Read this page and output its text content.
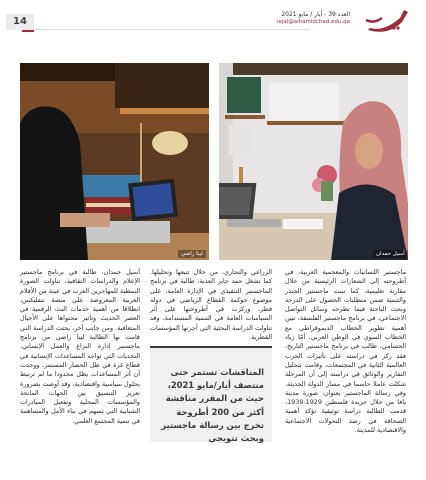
14
العدد 39 - أيار / مايو 2021
rejal@alhamidchad.edu.qa
لينا راضي	أسيل حمدان

ماجستير اللسانيات والمعجمية العربية، في أطروحته إلى الشعارات الرئيسية من خلال مقاربة تعليمية، كما تبنت ماجستير الجندر والتنمية ضمن متطلبات الحصول على الدرجة وبحث الباحثة فيما تطرحه وسائل التواصل الاجتماعي، في برنامج ماجستير الفلسفة، تبين أهمية تطوير الخطاب الديموقراطي مع الخطاب السوي في الوطن العربي. أمّا زياد الحسامي، طالب في برنامج ماجستير التاريخ، فقد ركز في دراسته على تأثيرات الحرب العالمية الثانية في المجتمعات، وقامت بتحليل التقارير والوثائق في دراسته إلى أن المرحلة شكلت عاملا حاسما في مسار الدولة الحديثة. وفي رسالة الماجستير بعنوان: صورة مدينة يافا من خلال جريدة فلسطين 1929-1939، قدمت الطالبة دراسة توثيقية تؤكد أهمية الصحافة في رصد التحولات الاجتماعية والاقتصادية للمدينة.

الزراعي والتجاري، من خلال تتبعها وتحليلها. كما تشغل حمد جابر العذبة، طالبة في برنامج الماجستير التنفيذي في الإدارة العامة، على موضوع حوكمة القطاع الرياضي في دولة قطر، وركزت في أطروحتها على أثر السياسات العامة في التنمية المستدامة، وقد تناولت الدراسة البحثية التي أجرتها المؤسسات القطرية.

أسيل حمدان، طالبة في برنامج ماجستير الإعلام والدراسات الثقافية، تناولت الصورة النمطية للمهاجرين العرب في عينة من الأفلام الغربية المعروضة على منصة نتفليكس، انطلاقا من أهمية خدمات البث الرقمية في العصر الحديث وتأثير محتواها على الأجيال المتعاقبة. ومن جانب آخر، بحثت الدراسة التي قامت بها الطالبة لينا راضي من برنامج ماجستير إدارة النزاع والعمل الإنساني، التحديات التي تواجه المساعدات الإنسانية في قطاع غزة في ظل الحصار المستمر، ووجدت أن أثر المساعدات يظل محدودا ما لم ترتبط بحلول سياسية واقتصادية، وقد أوصت بضرورة تعزيز التنسيق بين الجهات المانحة والمؤسسات المحلية وتفعيل المبادرات الشبابية التي تسهم في بناء الأمل والمساهمة في تنمية المجتمع العلمي.

المناقشات تستمر حتى منتصف أيار/مايو 2021، حيث من المقرر مناقشة أكثر من 200 أطروحة تخرج بين رسالة ماجستير وبحث تتويجي
